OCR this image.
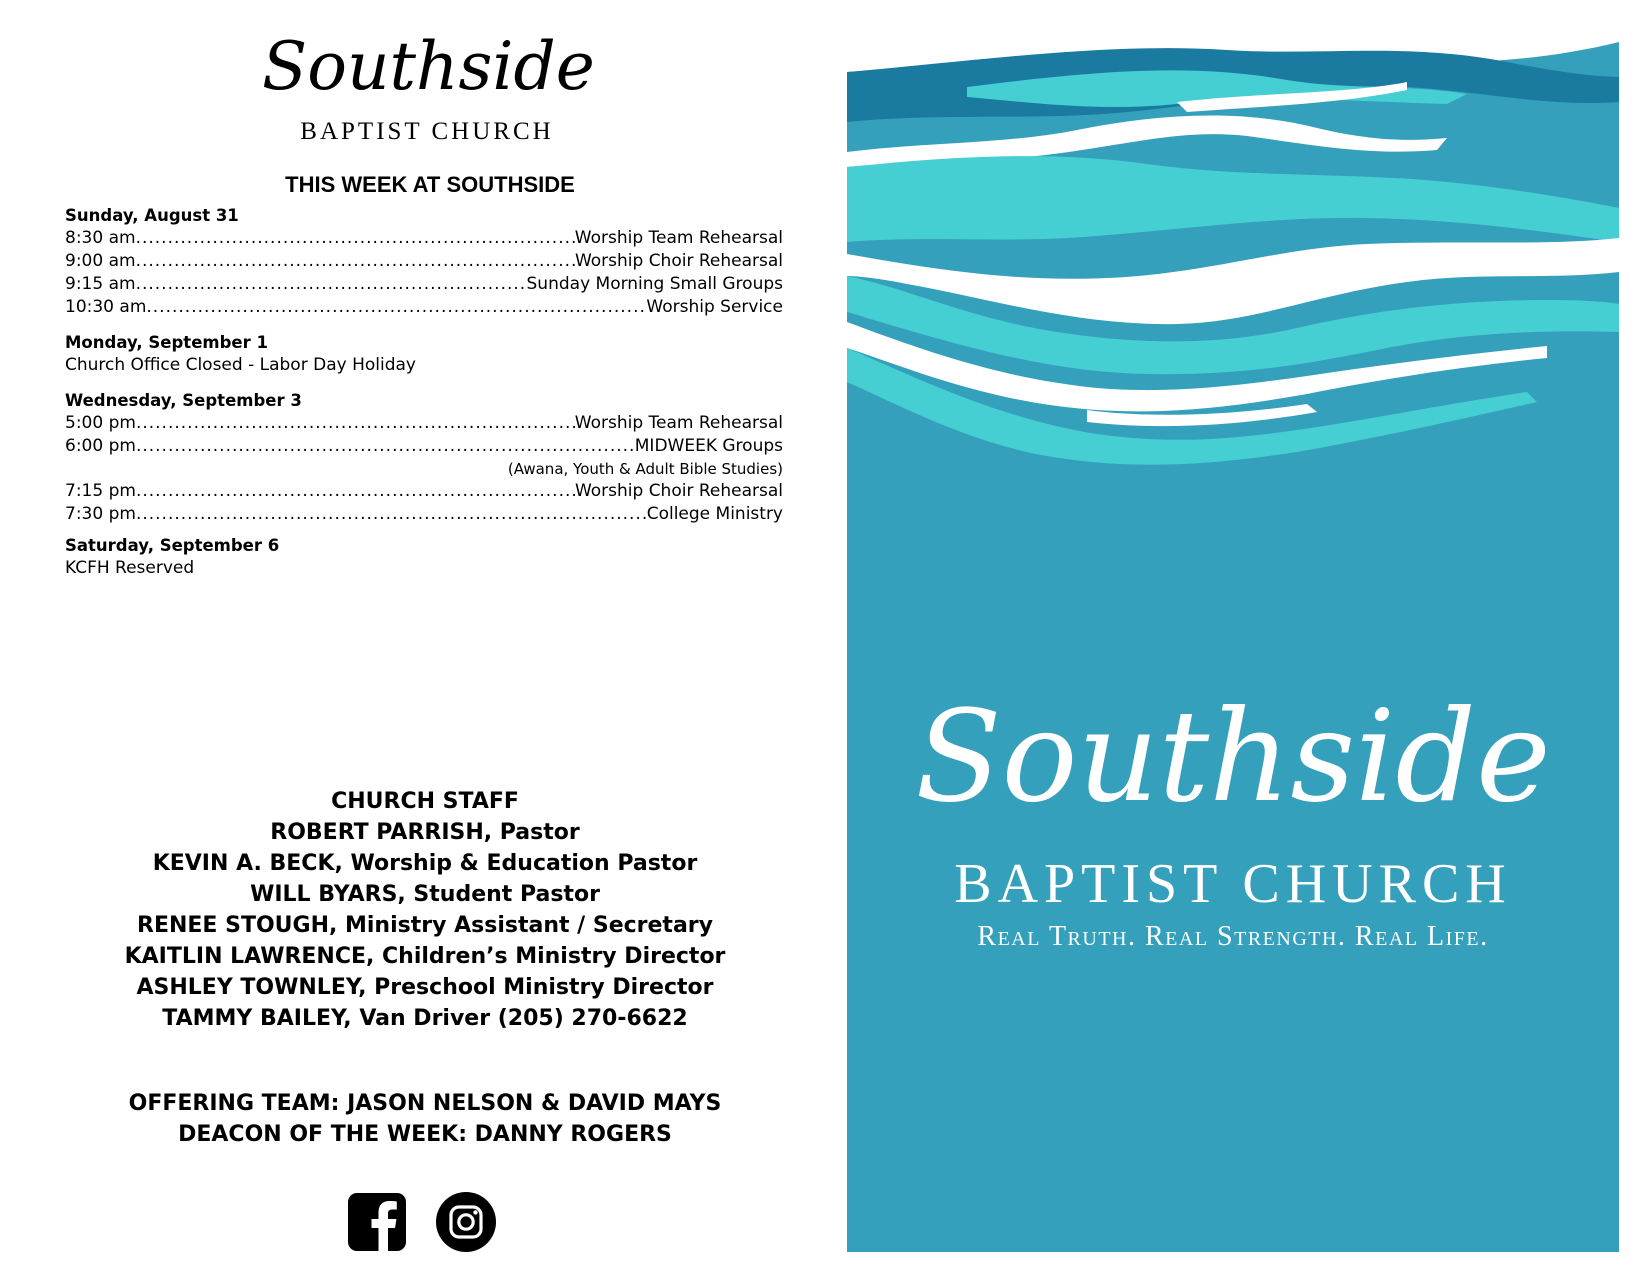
Southside
BAPTIST CHURCH
THIS WEEK AT SOUTHSIDE
Sunday, August 31
8:30 am .....	Worship Team Rehearsal
9:00 am .....	Worship Choir Rehearsal
9:15 am .....	Sunday Morning Small Groups
10:30 am .....	Worship Service
Monday, September 1
Church Office Closed - Labor Day Holiday
Wednesday, September 3
5:00 pm .....	Worship Team Rehearsal
6:00 pm .....	MIDWEEK Groups
(Awana, Youth & Adult Bible Studies)
7:15 pm .....	Worship Choir Rehearsal
7:30 pm .....	College Ministry
Saturday, September 6
KCFH Reserved
CHURCH STAFF
ROBERT PARRISH, Pastor
KEVIN A. BECK, Worship & Education Pastor
WILL BYARS, Student Pastor
RENEE STOUGH, Ministry Assistant / Secretary
KAITLIN LAWRENCE, Children’s Ministry Director
ASHLEY TOWNLEY, Preschool Ministry Director
TAMMY BAILEY, Van Driver (205) 270-6622
OFFERING TEAM: JASON NELSON & DAVID MAYS
DEACON OF THE WEEK: DANNY ROGERS
Southside
BAPTIST CHURCH
Real Truth. Real Strength. Real Life.
